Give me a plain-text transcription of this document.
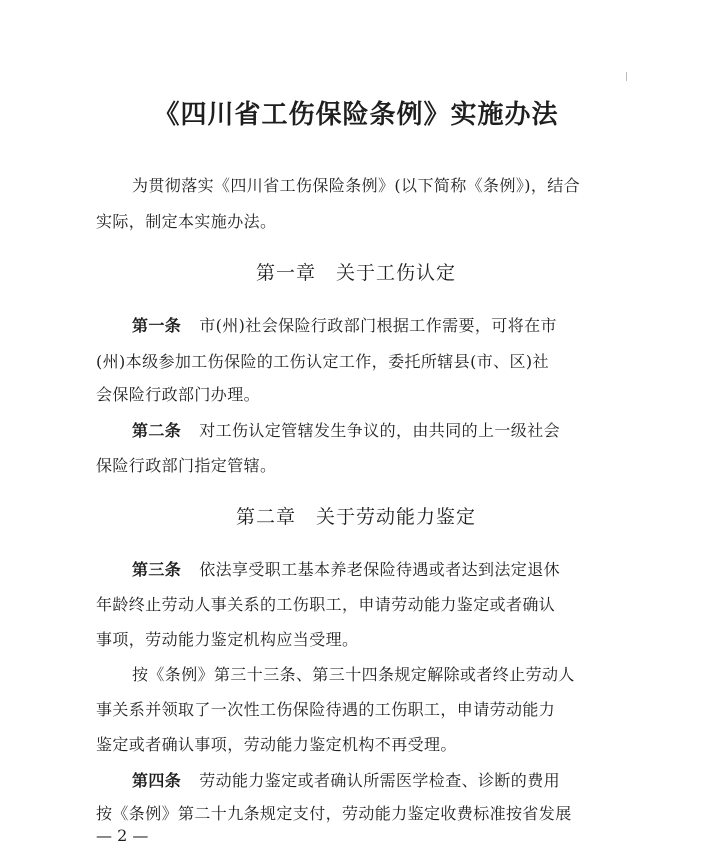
《四川省工伤保险条例》实施办法
为贯彻落实《四川省工伤保险条例》(以下简称《条例》)，结合
实际，制定本实施办法。
第一章　关于工伤认定
第一条 市(州)社会保险行政部门根据工作需要，可将在市
(州)本级参加工伤保险的工伤认定工作，委托所辖县(市、区)社
会保险行政部门办理。
第二条 对工伤认定管辖发生争议的，由共同的上一级社会
保险行政部门指定管辖。
第二章　关于劳动能力鉴定
第三条 依法享受职工基本养老保险待遇或者达到法定退休
年龄终止劳动人事关系的工伤职工，申请劳动能力鉴定或者确认
事项，劳动能力鉴定机构应当受理。
按《条例》第三十三条、第三十四条规定解除或者终止劳动人
事关系并领取了一次性工伤保险待遇的工伤职工，申请劳动能力
鉴定或者确认事项，劳动能力鉴定机构不再受理。
第四条 劳动能力鉴定或者确认所需医学检查、诊断的费用
按《条例》第二十九条规定支付，劳动能力鉴定收费标准按省发展
— 2 —
